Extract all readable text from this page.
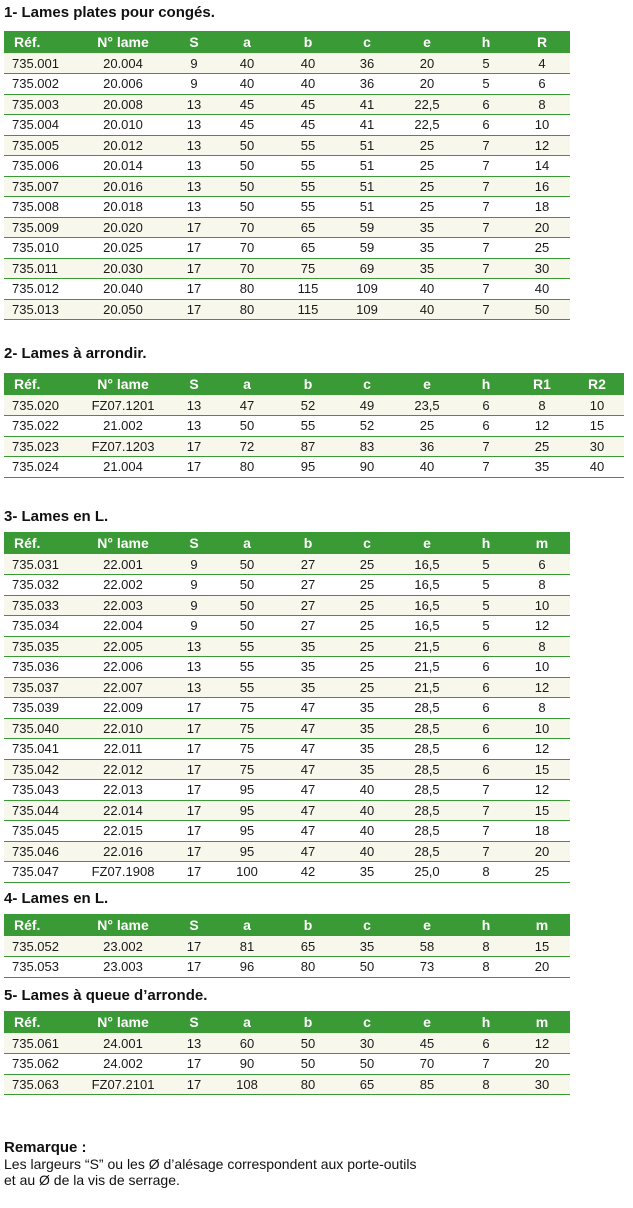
1- Lames plates pour congés.
2- Lames à arrondir.
3- Lames en L.
4- Lames en L.
5- Lames à queue d’arronde.
Réf.	N° lame	S	a	b	c	e	h	R
735.001	20.004	9	40	40	36	20	5	4
735.002	20.006	9	40	40	36	20	5	6
735.003	20.008	13	45	45	41	22,5	6	8
735.004	20.010	13	45	45	41	22,5	6	10
735.005	20.012	13	50	55	51	25	7	12
735.006	20.014	13	50	55	51	25	7	14
735.007	20.016	13	50	55	51	25	7	16
735.008	20.018	13	50	55	51	25	7	18
735.009	20.020	17	70	65	59	35	7	20
735.010	20.025	17	70	65	59	35	7	25
735.011	20.030	17	70	75	69	35	7	30
735.012	20.040	17	80	115	109	40	7	40
735.013	20.050	17	80	115	109	40	7	50
Réf.	N° lame	S	a	b	c	e	h	R1	R2
735.020	FZ07.1201	13	47	52	49	23,5	6	8	10
735.022	21.002	13	50	55	52	25	6	12	15
735.023	FZ07.1203	17	72	87	83	36	7	25	30
735.024	21.004	17	80	95	90	40	7	35	40
Réf.	N° lame	S	a	b	c	e	h	m
735.031	22.001	9	50	27	25	16,5	5	6
735.032	22.002	9	50	27	25	16,5	5	8
735.033	22.003	9	50	27	25	16,5	5	10
735.034	22.004	9	50	27	25	16,5	5	12
735.035	22.005	13	55	35	25	21,5	6	8
735.036	22.006	13	55	35	25	21,5	6	10
735.037	22.007	13	55	35	25	21,5	6	12
735.039	22.009	17	75	47	35	28,5	6	8
735.040	22.010	17	75	47	35	28,5	6	10
735.041	22.011	17	75	47	35	28,5	6	12
735.042	22.012	17	75	47	35	28,5	6	15
735.043	22.013	17	95	47	40	28,5	7	12
735.044	22.014	17	95	47	40	28,5	7	15
735.045	22.015	17	95	47	40	28,5	7	18
735.046	22.016	17	95	47	40	28,5	7	20
735.047	FZ07.1908	17	100	42	35	25,0	8	25
Réf.	N° lame	S	a	b	c	e	h	m
735.052	23.002	17	81	65	35	58	8	15
735.053	23.003	17	96	80	50	73	8	20
Réf.	N° lame	S	a	b	c	e	h	m
735.061	24.001	13	60	50	30	45	6	12
735.062	24.002	17	90	50	50	70	7	20
735.063	FZ07.2101	17	108	80	65	85	8	30
Remarque :
Les largeurs “S” ou les Ø d’alésage correspondent aux porte-outils
et au Ø de la vis de serrage.
